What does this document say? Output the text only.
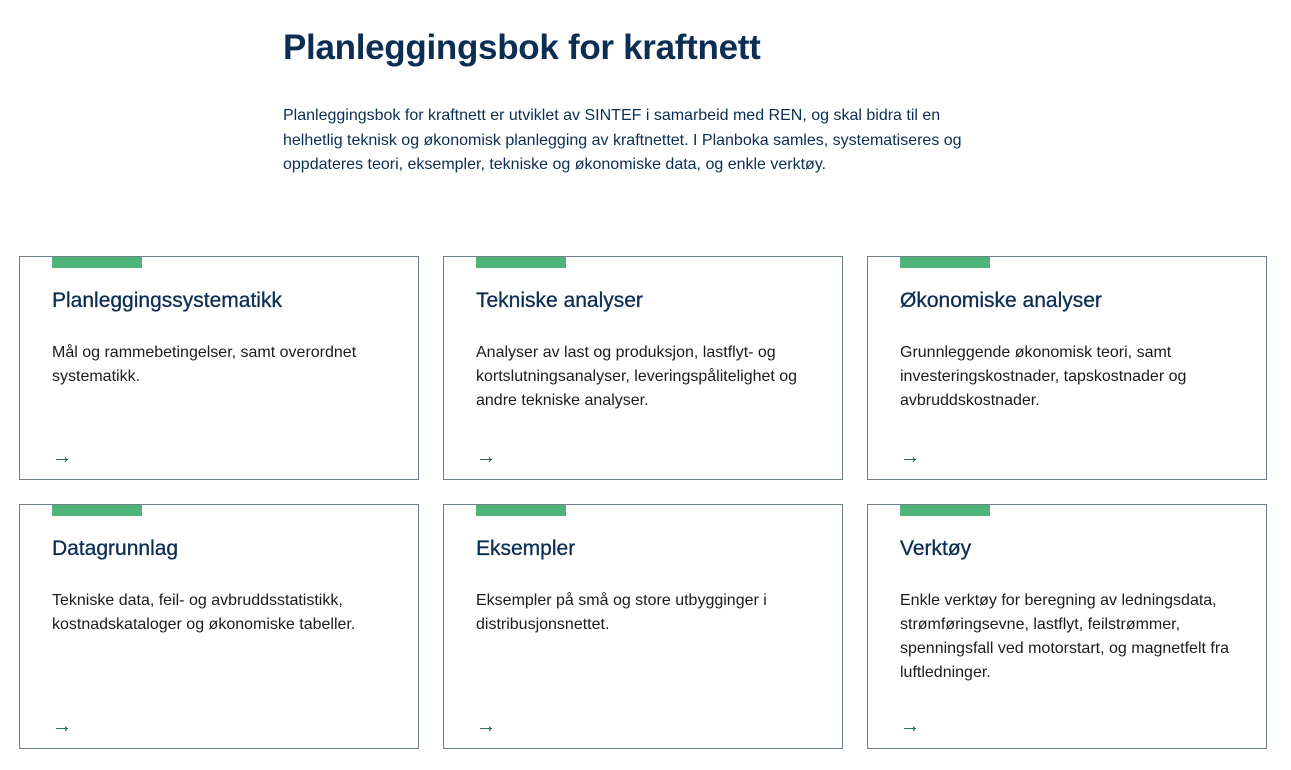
Planleggingsbok for kraftnett

Planleggingsbok for kraftnett er utviklet av SINTEF i samarbeid med REN, og skal bidra til en helhetlig teknisk og økonomisk planlegging av kraftnettet. I Planboka samles, systematiseres og oppdateres teori, eksempler, tekniske og økonomiske data, og enkle verktøy.

Planleggingssystematikk

Mål og rammebetingelser, samt overordnet systematikk.

→
Tekniske analyser

Analyser av last og produksjon, lastflyt- og kortslutningsanalyser, leveringspålitelighet og andre tekniske analyser.

→
Økonomiske analyser

Grunnleggende økonomisk teori, samt investeringskostnader, tapskostnader og avbruddskostnader.

→
Datagrunnlag

Tekniske data, feil- og avbruddsstatistikk, kostnadskataloger og økonomiske tabeller.

→
Eksempler

Eksempler på små og store utbygginger i distribusjonsnettet.

→
Verktøy

Enkle verktøy for beregning av ledningsdata, strømføringsevne, lastflyt, feilstrømmer, spenningsfall ved motorstart, og magnetfelt fra luftledninger.

→
